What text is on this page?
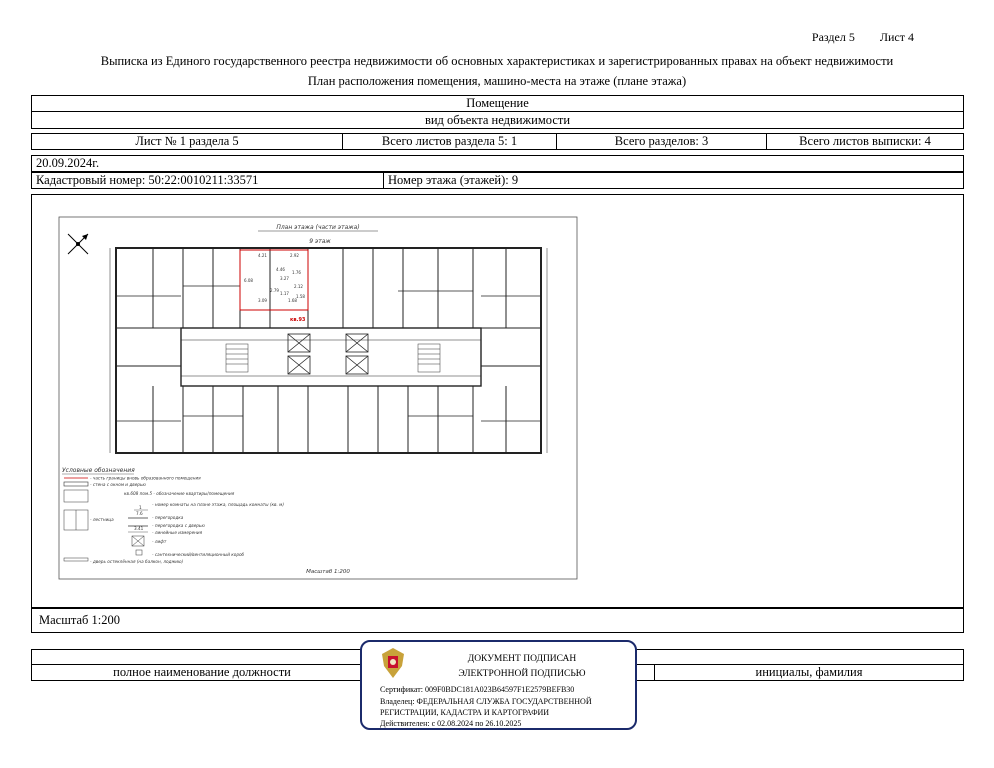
Раздел 5 Лист 4
Выписка из Единого государственного реестра недвижимости об основных характеристиках и зарегистрированных правах на объект недвижимости
План расположения помещения, машино-места на этаже (плане этажа)
Помещение
вид объекта недвижимости
Лист № 1 раздела 5	Всего листов раздела 5: 1	Всего разделов: 3	Всего листов выписки: 4
20.09.2024г.
Кадастровый номер: 50:22:0010211:33571	Номер этажа (этажей): 9
План этажа (части этажа)
9 этаж
4.21	2.92
6.08
4.46
1.76
3.27
2.12
1.17
1.58
3.09	1.68
2.79
кв.93
Условные обозначения
- часть границы вновь образованного помещения
- стена с окном и дверью
кв.608 пом.5 - обозначение квартиры/помещения
- лестница
1
7.6
- номер комнаты на плане этажа, площадь комнаты (кв. м)
- перегородка
- перегородка с дверью
3.41
- линейные измерения
- лифт
- сантехнический/вентиляционный короб
- дверь остеклённая (на балкон, лоджию)
Масштаб 1:200
Масштаб 1:200
полное наименование должности	инициалы, фамилия
ДОКУМЕНТ ПОДПИСАН
ЭЛЕКТРОННОЙ ПОДПИСЬЮ
Сертификат: 009F0BDC181A023B64597F1E2579BEFB30
Владелец: ФЕДЕРАЛЬНАЯ СЛУЖБА ГОСУДАРСТВЕННОЙ
РЕГИСТРАЦИИ, КАДАСТРА И КАРТОГРАФИИ
Действителен: с 02.08.2024 по 26.10.2025
